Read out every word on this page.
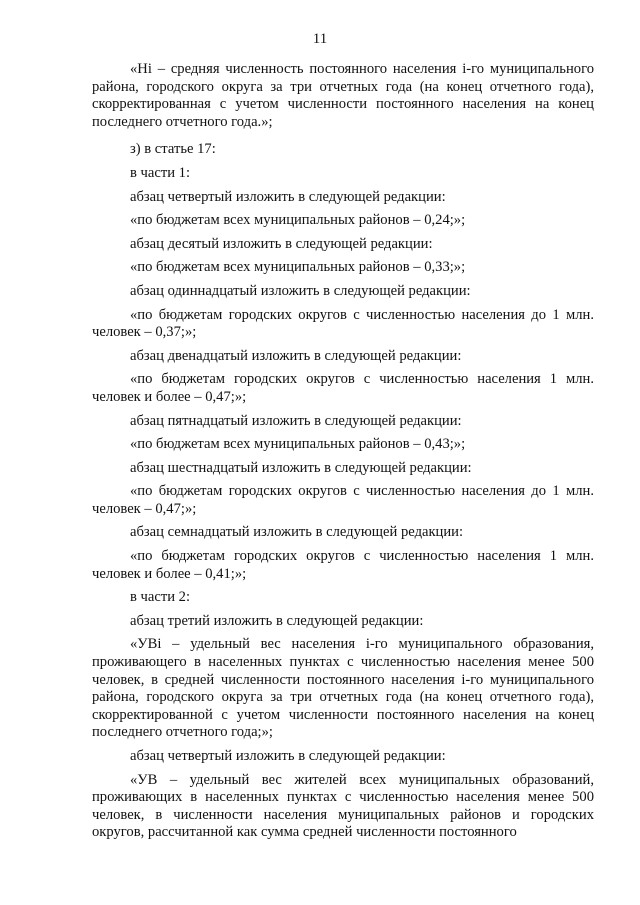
11

«Hi – средняя численность постоянного населения i-го муниципального района, городского округа за три отчетных года (на конец отчетного года), скорректированная с учетом численности постоянного населения на конец последнего отчетного года.»;

з) в статье 17:

в части 1:

абзац четвертый изложить в следующей редакции:

«по бюджетам всех муниципальных районов – 0,24;»;

абзац десятый изложить в следующей редакции:

«по бюджетам всех муниципальных районов – 0,33;»;

абзац одиннадцатый изложить в следующей редакции:

«по бюджетам городских округов с численностью населения до 1 млн. человек – 0,37;»;

абзац двенадцатый изложить в следующей редакции:

«по бюджетам городских округов с численностью населения 1 млн. человек и более – 0,47;»;

абзац пятнадцатый изложить в следующей редакции:

«по бюджетам всех муниципальных районов – 0,43;»;

абзац шестнадцатый изложить в следующей редакции:

«по бюджетам городских округов с численностью населения до 1 млн. человек – 0,47;»;

абзац семнадцатый изложить в следующей редакции:

«по бюджетам городских округов с численностью населения 1 млн. человек и более – 0,41;»;

в части 2:

абзац третий изложить в следующей редакции:

«УВi – удельный вес населения i-го муниципального образования, проживающего в населенных пунктах с численностью населения менее 500 человек, в средней численности постоянного населения i-го муниципального района, городского округа за три отчетных года (на конец отчетного года), скорректированной с учетом численности постоянного населения на конец последнего отчетного года;»;

абзац четвертый изложить в следующей редакции:

«УВ – удельный вес жителей всех муниципальных образований, проживающих в населенных пунктах с численностью населения менее 500 человек, в численности населения муниципальных районов и городских округов, рассчитанной как сумма средней численности постоянного
